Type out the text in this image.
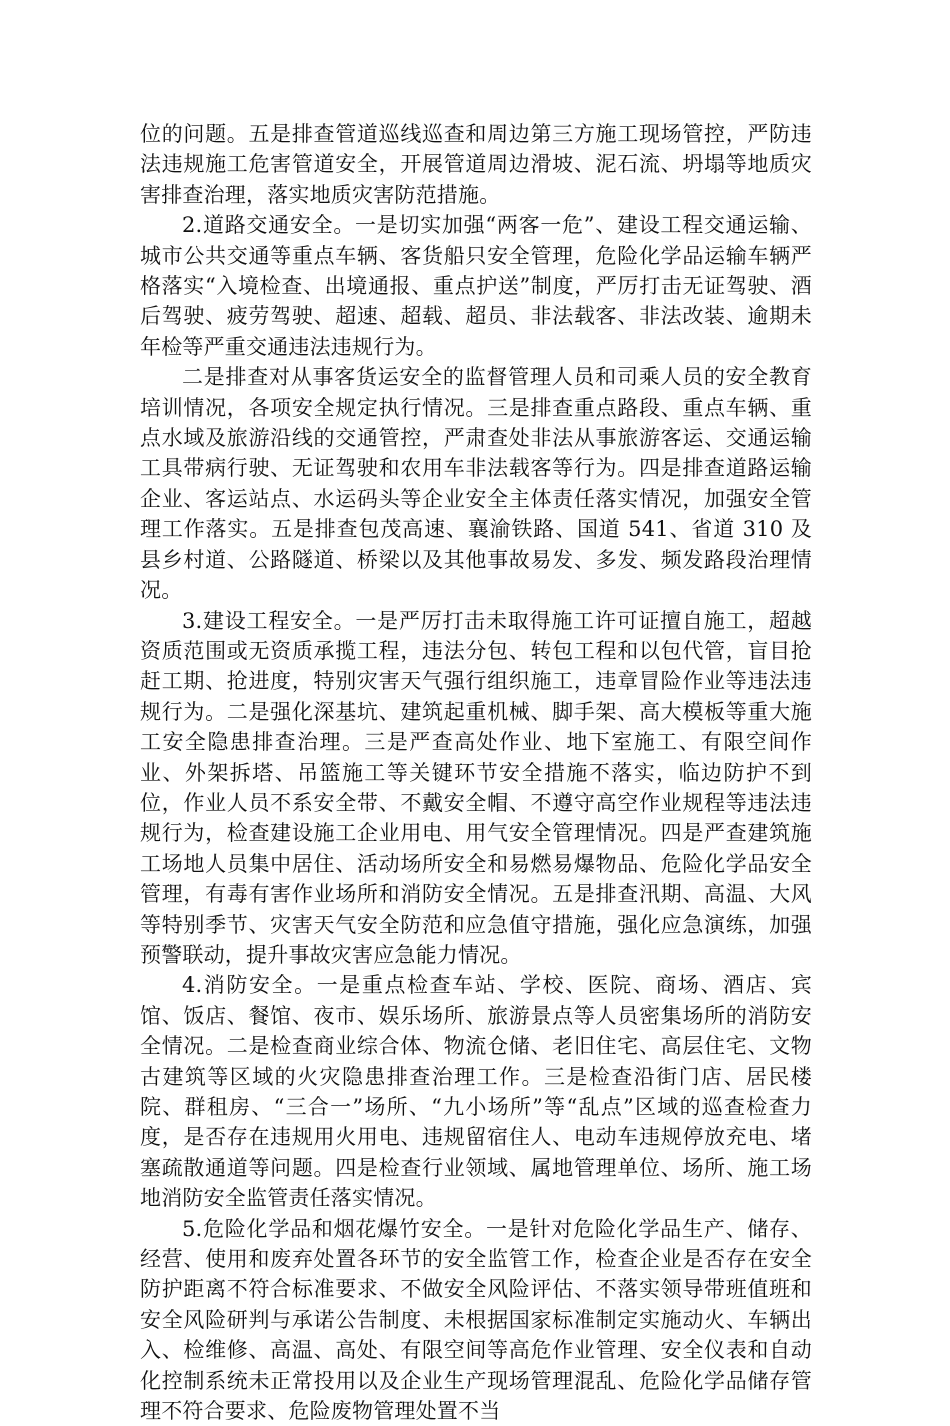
位的问题。五是排查管道巡线巡查和周边第三方施工现场管控，严防违法违规施工危害管道安全，开展管道周边滑坡、泥石流、坍塌等地质灾害排查治理，落实地质灾害防范措施。

2.道路交通安全。一是切实加强“两客一危”、建设工程交通运输、城市公共交通等重点车辆、客货船只安全管理，危险化学品运输车辆严格落实“入境检查、出境通报、重点护送”制度，严厉打击无证驾驶、酒后驾驶、疲劳驾驶、超速、超载、超员、非法载客、非法改装、逾期未年检等严重交通违法违规行为。

二是排查对从事客货运安全的监督管理人员和司乘人员的安全教育培训情况，各项安全规定执行情况。三是排查重点路段、重点车辆、重点水域及旅游沿线的交通管控，严肃查处非法从事旅游客运、交通运输工具带病行驶、无证驾驶和农用车非法载客等行为。四是排查道路运输企业、客运站点、水运码头等企业安全主体责任落实情况，加强安全管理工作落实。五是排查包茂高速、襄渝铁路、国道 541、省道 310 及县乡村道、公路隧道、桥梁以及其他事故易发、多发、频发路段治理情况。

3.建设工程安全。一是严厉打击未取得施工许可证擅自施工，超越资质范围或无资质承揽工程，违法分包、转包工程和以包代管，盲目抢赶工期、抢进度，特别灾害天气强行组织施工，违章冒险作业等违法违规行为。二是强化深基坑、建筑起重机械、脚手架、高大模板等重大施工安全隐患排查治理。三是严查高处作业、地下室施工、有限空间作业、外架拆塔、吊篮施工等关键环节安全措施不落实，临边防护不到位，作业人员不系安全带、不戴安全帽、不遵守高空作业规程等违法违规行为，检查建设施工企业用电、用气安全管理情况。四是严查建筑施工场地人员集中居住、活动场所安全和易燃易爆物品、危险化学品安全管理，有毒有害作业场所和消防安全情况。五是排查汛期、高温、大风等特别季节、灾害天气安全防范和应急值守措施，强化应急演练，加强预警联动，提升事故灾害应急能力情况。

4.消防安全。一是重点检查车站、学校、医院、商场、酒店、宾馆、饭店、餐馆、夜市、娱乐场所、旅游景点等人员密集场所的消防安全情况。二是检查商业综合体、物流仓储、老旧住宅、高层住宅、文物古建筑等区域的火灾隐患排查治理工作。三是检查沿街门店、居民楼院、群租房、“三合一”场所、“九小场所”等“乱点”区域的巡查检查力度，是否存在违规用火用电、违规留宿住人、电动车违规停放充电、堵塞疏散通道等问题。四是检查行业领域、属地管理单位、场所、施工场地消防安全监管责任落实情况。

5.危险化学品和烟花爆竹安全。一是针对危险化学品生产、储存、经营、使用和废弃处置各环节的安全监管工作，检查企业是否存在安全防护距离不符合标准要求、不做安全风险评估、不落实领导带班值班和安全风险研判与承诺公告制度、未根据国家标准制定实施动火、车辆出入、检维修、高温、高处、有限空间等高危作业管理、安全仪表和自动化控制系统未正常投用以及企业生产现场管理混乱、危险化学品储存管理不符合要求、危险废物管理处置不当
